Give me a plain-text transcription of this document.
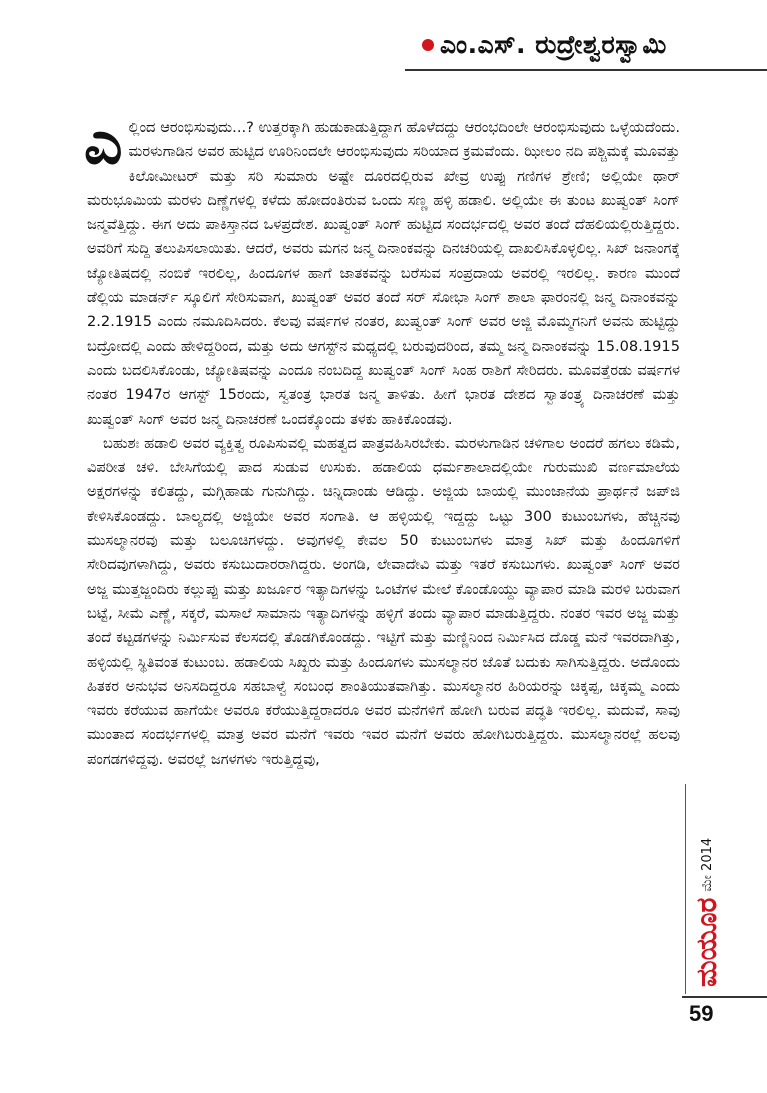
ಎಂ.ಎಸ್. ರುದ್ರೇಶ್ವರಸ್ವಾಮಿ

ಎಲ್ಲಿಂದ ಆರಂಭಿಸುವುದು...? ಉತ್ತರಕ್ಕಾಗಿ ಹುಡುಕಾಡುತ್ತಿದ್ದಾಗ ಹೊಳೆದದ್ದು ಆರಂಭದಿಂಲೇ ಆರಂಭಿಸುವುದು ಒಳ್ಳೆಯದೆಂದು. ಮರಳುಗಾಡಿನ ಅವರ ಹುಟ್ಟಿದ ಊರಿನಿಂದಲೇ ಆರಂಭಿಸುವುದು ಸರಿಯಾದ ಕ್ರಮವೆಂದು. ಝೀಲಂ ನದಿ ಪಶ್ಚಿಮಕ್ಕೆ ಮೂವತ್ತು ಕಿಲೋಮೀಟರ್ ಮತ್ತು ಸರಿ ಸುಮಾರು ಅಷ್ಟೇ ದೂರದಲ್ಲಿರುವ ಖೇವ್ರ ಉಪ್ಪು ಗಣಿಗಳ ಶ್ರೇಣಿ; ಅಲ್ಲಿಯೇ ಥಾರ್ ಮರುಭೂಮಿಯ ಮರಳು ದಿಣ್ಣೆಗಳಲ್ಲಿ ಕಳೆದು ಹೋದಂತಿರುವ ಒಂದು ಸಣ್ಣ ಹಳ್ಳಿ ಹಡಾಲಿ. ಅಲ್ಲಿಯೇ ಈ ತುಂಟ ಖುಷ್ವಂತ್ ಸಿಂಗ್ ಜನ್ಮವೆತ್ತಿದ್ದು. ಈಗ ಅದು ಪಾಕಿಸ್ತಾನದ ಒಳಪ್ರದೇಶ. ಖುಷ್ವಂತ್ ಸಿಂಗ್ ಹುಟ್ಟಿದ ಸಂದರ್ಭದಲ್ಲಿ ಅವರ ತಂದೆ ದೆಹಲಿಯಲ್ಲಿರುತ್ತಿದ್ದರು. ಅವರಿಗೆ ಸುದ್ದಿ ತಲುಪಿಸಲಾಯಿತು. ಆದರೆ, ಅವರು ಮಗನ ಜನ್ಮ ದಿನಾಂಕವನ್ನು ದಿನಚರಿಯಲ್ಲಿ ದಾಖಲಿಸಿಕೊಳ್ಳಲಿಲ್ಲ. ಸಿಖ್ ಜನಾಂಗಕ್ಕೆ ಜ್ಯೋತಿಷದಲ್ಲಿ ನಂಬಿಕೆ ಇರಲಿಲ್ಲ, ಹಿಂದೂಗಳ ಹಾಗೆ ಜಾತಕವನ್ನು ಬರೆಸುವ ಸಂಪ್ರದಾಯ ಅವರಲ್ಲಿ ಇರಲಿಲ್ಲ. ಕಾರಣ ಮುಂದೆ ಡೆಲ್ಲಿಯ ಮಾಡರ್ನ್ ಸ್ಕೂಲಿಗೆ ಸೇರಿಸುವಾಗ, ಖುಷ್ವಂತ್ ಅವರ ತಂದೆ ಸರ್ ಸೋಭಾ ಸಿಂಗ್ ಶಾಲಾ ಫಾರಂನಲ್ಲಿ ಜನ್ಮ ದಿನಾಂಕವನ್ನು 2.2.1915 ಎಂದು ನಮೂದಿಸಿದರು. ಕೆಲವು ವರ್ಷಗಳ ನಂತರ, ಖುಷ್ವಂತ್ ಸಿಂಗ್ ಅವರ ಅಜ್ಜಿ ಮೊಮ್ಮಗನಿಗೆ ಅವನು ಹುಟ್ಟಿದ್ದು ಬದ್ರೋದಲ್ಲಿ ಎಂದು ಹೇಳಿದ್ದರಿಂದ, ಮತ್ತು ಅದು ಆಗಸ್ಟ್‌ನ ಮಧ್ಯದಲ್ಲಿ ಬರುವುದರಿಂದ, ತಮ್ಮ ಜನ್ಮ ದಿನಾಂಕವನ್ನು 15.08.1915 ಎಂದು ಬದಲಿಸಿಕೊಂಡು, ಜ್ಯೋತಿಷವನ್ನು ಎಂದೂ ನಂಬದಿದ್ದ ಖುಷ್ವಂತ್ ಸಿಂಗ್ ಸಿಂಹ ರಾಶಿಗೆ ಸೇರಿದರು. ಮೂವತ್ತೆರಡು ವರ್ಷಗಳ ನಂತರ 1947ರ ಆಗಸ್ಟ್ 15ರಂದು, ಸ್ವತಂತ್ರ ಭಾರತ ಜನ್ಮ ತಾಳಿತು. ಹೀಗೆ ಭಾರತ ದೇಶದ ಸ್ವಾತಂತ್ರ್ಯ ದಿನಾಚರಣೆ ಮತ್ತು ಖುಷ್ವಂತ್ ಸಿಂಗ್ ಅವರ ಜನ್ಮ ದಿನಾಚರಣೆ ಒಂದಕ್ಕೊಂದು ತಳಕು ಹಾಕಿಕೊಂಡವು.

ಬಹುಶಃ ಹಡಾಲಿ ಅವರ ವ್ಯಕ್ತಿತ್ವ ರೂಪಿಸುವಲ್ಲಿ ಮಹತ್ವದ ಪಾತ್ರವಹಿಸಿರಬೇಕು. ಮರಳುಗಾಡಿನ ಚಳಿಗಾಲ ಅಂದರೆ ಹಗಲು ಕಡಿಮೆ, ವಿಪರೀತ ಚಳಿ. ಬೇಸಿಗೆಯಲ್ಲಿ ಪಾದ ಸುಡುವ ಉಸುಕು. ಹಡಾಲಿಯ ಧರ್ಮಶಾಲಾದಲ್ಲಿಯೇ ಗುರುಮುಖಿ ವರ್ಣಮಾಲೆಯ ಅಕ್ಷರಗಳನ್ನು ಕಲಿತದ್ದು, ಮಗ್ಗಿಹಾಡು ಗುನುಗಿದ್ದು. ಚಿನ್ನಿದಾಂಡು ಆಡಿದ್ದು. ಅಜ್ಜಿಯ ಬಾಯಲ್ಲಿ ಮುಂಜಾನೆಯ ಪ್ರಾರ್ಥನೆ ಜಪ್‌ಜಿ ಕೇಳಿಸಿಕೊಂಡದ್ದು. ಬಾಲ್ಯದಲ್ಲಿ ಅಜ್ಜಿಯೇ ಅವರ ಸಂಗಾತಿ. ಆ ಹಳ್ಳಿಯಲ್ಲಿ ಇದ್ದದ್ದು ಒಟ್ಟು 300 ಕುಟುಂಬಗಳು, ಹೆಚ್ಚಿನವು ಮುಸಲ್ಮಾನರವು ಮತ್ತು ಬಲೂಚಿಗಳದ್ದು. ಅವುಗಳಲ್ಲಿ ಕೇವಲ 50 ಕುಟುಂಬಗಳು ಮಾತ್ರ ಸಿಖ್ ಮತ್ತು ಹಿಂದೂಗಳಿಗೆ ಸೇರಿದವುಗಳಾಗಿದ್ದು, ಅವರು ಕಸುಬುದಾರರಾಗಿದ್ದರು. ಅಂಗಡಿ, ಲೇವಾದೇವಿ ಮತ್ತು ಇತರೆ ಕಸುಬುಗಳು. ಖುಷ್ವಂತ್ ಸಿಂಗ್ ಅವರ ಅಜ್ಜ ಮುತ್ತಜ್ಜಂದಿರು ಕಲ್ಲುಪ್ಪು ಮತ್ತು ಖರ್ಜೂರ ಇತ್ಯಾದಿಗಳನ್ನು ಒಂಟೆಗಳ ಮೇಲೆ ಕೊಂಡೊಯ್ದು ವ್ಯಾಪಾರ ಮಾಡಿ ಮರಳಿ ಬರುವಾಗ ಬಟ್ಟೆ, ಸೀಮೆ ಎಣ್ಣೆ, ಸಕ್ಕರೆ, ಮಸಾಲೆ ಸಾಮಾನು ಇತ್ಯಾದಿಗಳನ್ನು ಹಳ್ಳಿಗೆ ತಂದು ವ್ಯಾಪಾರ ಮಾಡುತ್ತಿದ್ದರು. ನಂತರ ಇವರ ಅಜ್ಜ ಮತ್ತು ತಂದೆ ಕಟ್ಟಡಗಳನ್ನು ನಿರ್ಮಿಸುವ ಕೆಲಸದಲ್ಲಿ ತೊಡಗಿಕೊಂಡದ್ದು. ಇಟ್ಟಿಗೆ ಮತ್ತು ಮಣ್ಣಿನಿಂದ ನಿರ್ಮಿಸಿದ ದೊಡ್ಡ ಮನೆ ಇವರದಾಗಿತ್ತು, ಹಳ್ಳಿಯಲ್ಲಿ ಸ್ಥಿತಿವಂತ ಕುಟುಂಬ. ಹಡಾಲಿಯ ಸಿಖ್ಖರು ಮತ್ತು ಹಿಂದೂಗಳು ಮುಸಲ್ಮಾನರ ಜೊತೆ ಬದುಕು ಸಾಗಿಸುತ್ತಿದ್ದರು. ಅದೊಂದು ಹಿತಕರ ಅನುಭವ ಅನಿಸದಿದ್ದರೂ ಸಹಬಾಳ್ವೆ ಸಂಬಂಧ ಶಾಂತಿಯುತವಾಗಿತ್ತು. ಮುಸಲ್ಮಾನರ ಹಿರಿಯರನ್ನು ಚಿಕ್ಕಪ್ಪ, ಚಿಕ್ಕಮ್ಮ ಎಂದು ಇವರು ಕರೆಯುವ ಹಾಗೆಯೇ ಅವರೂ ಕರೆಯುತ್ತಿದ್ದರಾದರೂ ಅವರ ಮನೆಗಳಿಗೆ ಹೋಗಿ ಬರುವ ಪದ್ಧತಿ ಇರಲಿಲ್ಲ. ಮದುವೆ, ಸಾವು ಮುಂತಾದ ಸಂದರ್ಭಗಳಲ್ಲಿ ಮಾತ್ರ ಅವರ ಮನೆಗೆ ಇವರು ಇವರ ಮನೆಗೆ ಅವರು ಹೋಗಿಬರುತ್ತಿದ್ದರು. ಮುಸಲ್ಮಾನರಲ್ಲೆ ಹಲವು ಪಂಗಡಗಳಿದ್ದವು. ಅವರಲ್ಲೆ ಜಗಳಗಳು ಇರುತ್ತಿದ್ದವು,

ಮಯೂರ
ಮೇ 2014
59
